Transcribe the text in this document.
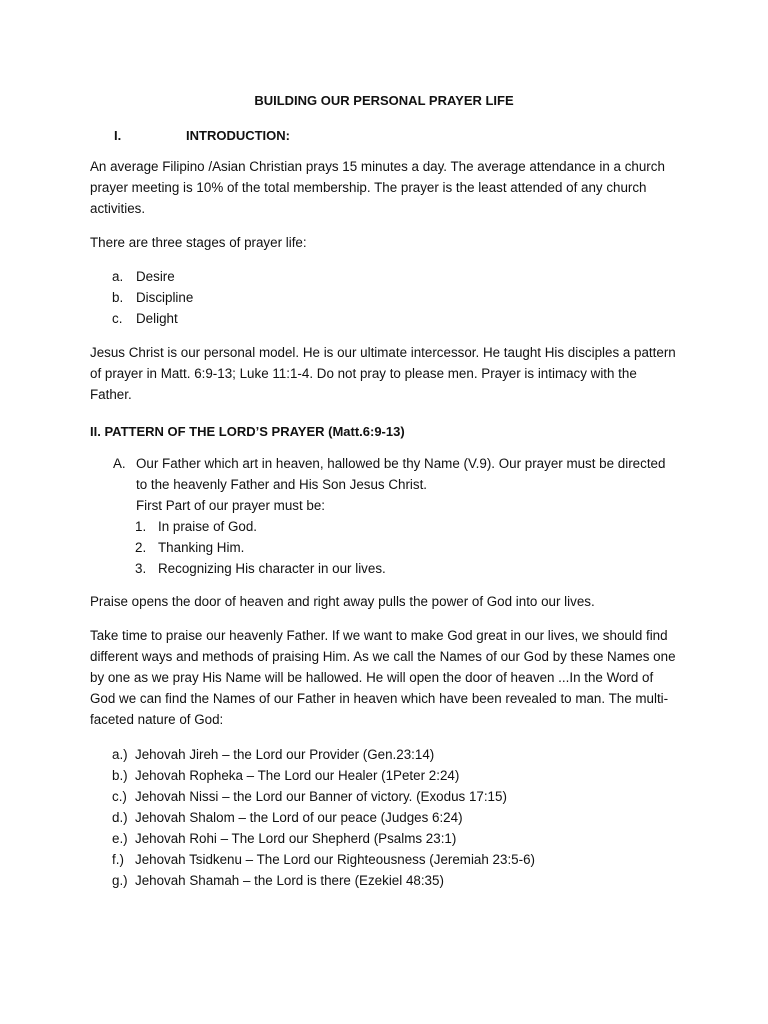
BUILDING OUR PERSONAL PRAYER LIFE
I.	INTRODUCTION:

An average Filipino /Asian Christian prays 15 minutes a day. The average attendance in a church prayer meeting is 10% of the total membership. The prayer is the least attended of any church activities.

There are three stages of prayer life:

a. Desire
b. Discipline
c. Delight

Jesus Christ is our personal model. He is our ultimate intercessor. He taught His disciples a pattern of prayer in Matt. 6:9-13; Luke 11:1-4. Do not pray to please men. Prayer is intimacy with the Father.

II. PATTERN OF THE LORD’S PRAYER (Matt.6:9-13)
A. Our Father which art in heaven, hallowed be thy Name (V.9). Our prayer must be directed to the heavenly Father and His Son Jesus Christ.
First Part of our prayer must be:
1. In praise of God.
2. Thanking Him.
3. Recognizing His character in our lives.

Praise opens the door of heaven and right away pulls the power of God into our lives.

Take time to praise our heavenly Father. If we want to make God great in our lives, we should find different ways and methods of praising Him. As we call the Names of our God by these Names one by one as we pray His Name will be hallowed. He will open the door of heaven ...In the Word of God we can find the Names of our Father in heaven which have been revealed to man. The multi-faceted nature of God:

a.) Jehovah Jireh – the Lord our Provider (Gen.23:14)
b.) Jehovah Ropheka – The Lord our Healer (1Peter 2:24)
c.) Jehovah Nissi – the Lord our Banner of victory. (Exodus 17:15)
d.) Jehovah Shalom – the Lord of our peace (Judges 6:24)
e.) Jehovah Rohi – The Lord our Shepherd (Psalms 23:1)
f.) Jehovah Tsidkenu – The Lord our Righteousness (Jeremiah 23:5-6)
g.) Jehovah Shamah – the Lord is there (Ezekiel 48:35)
